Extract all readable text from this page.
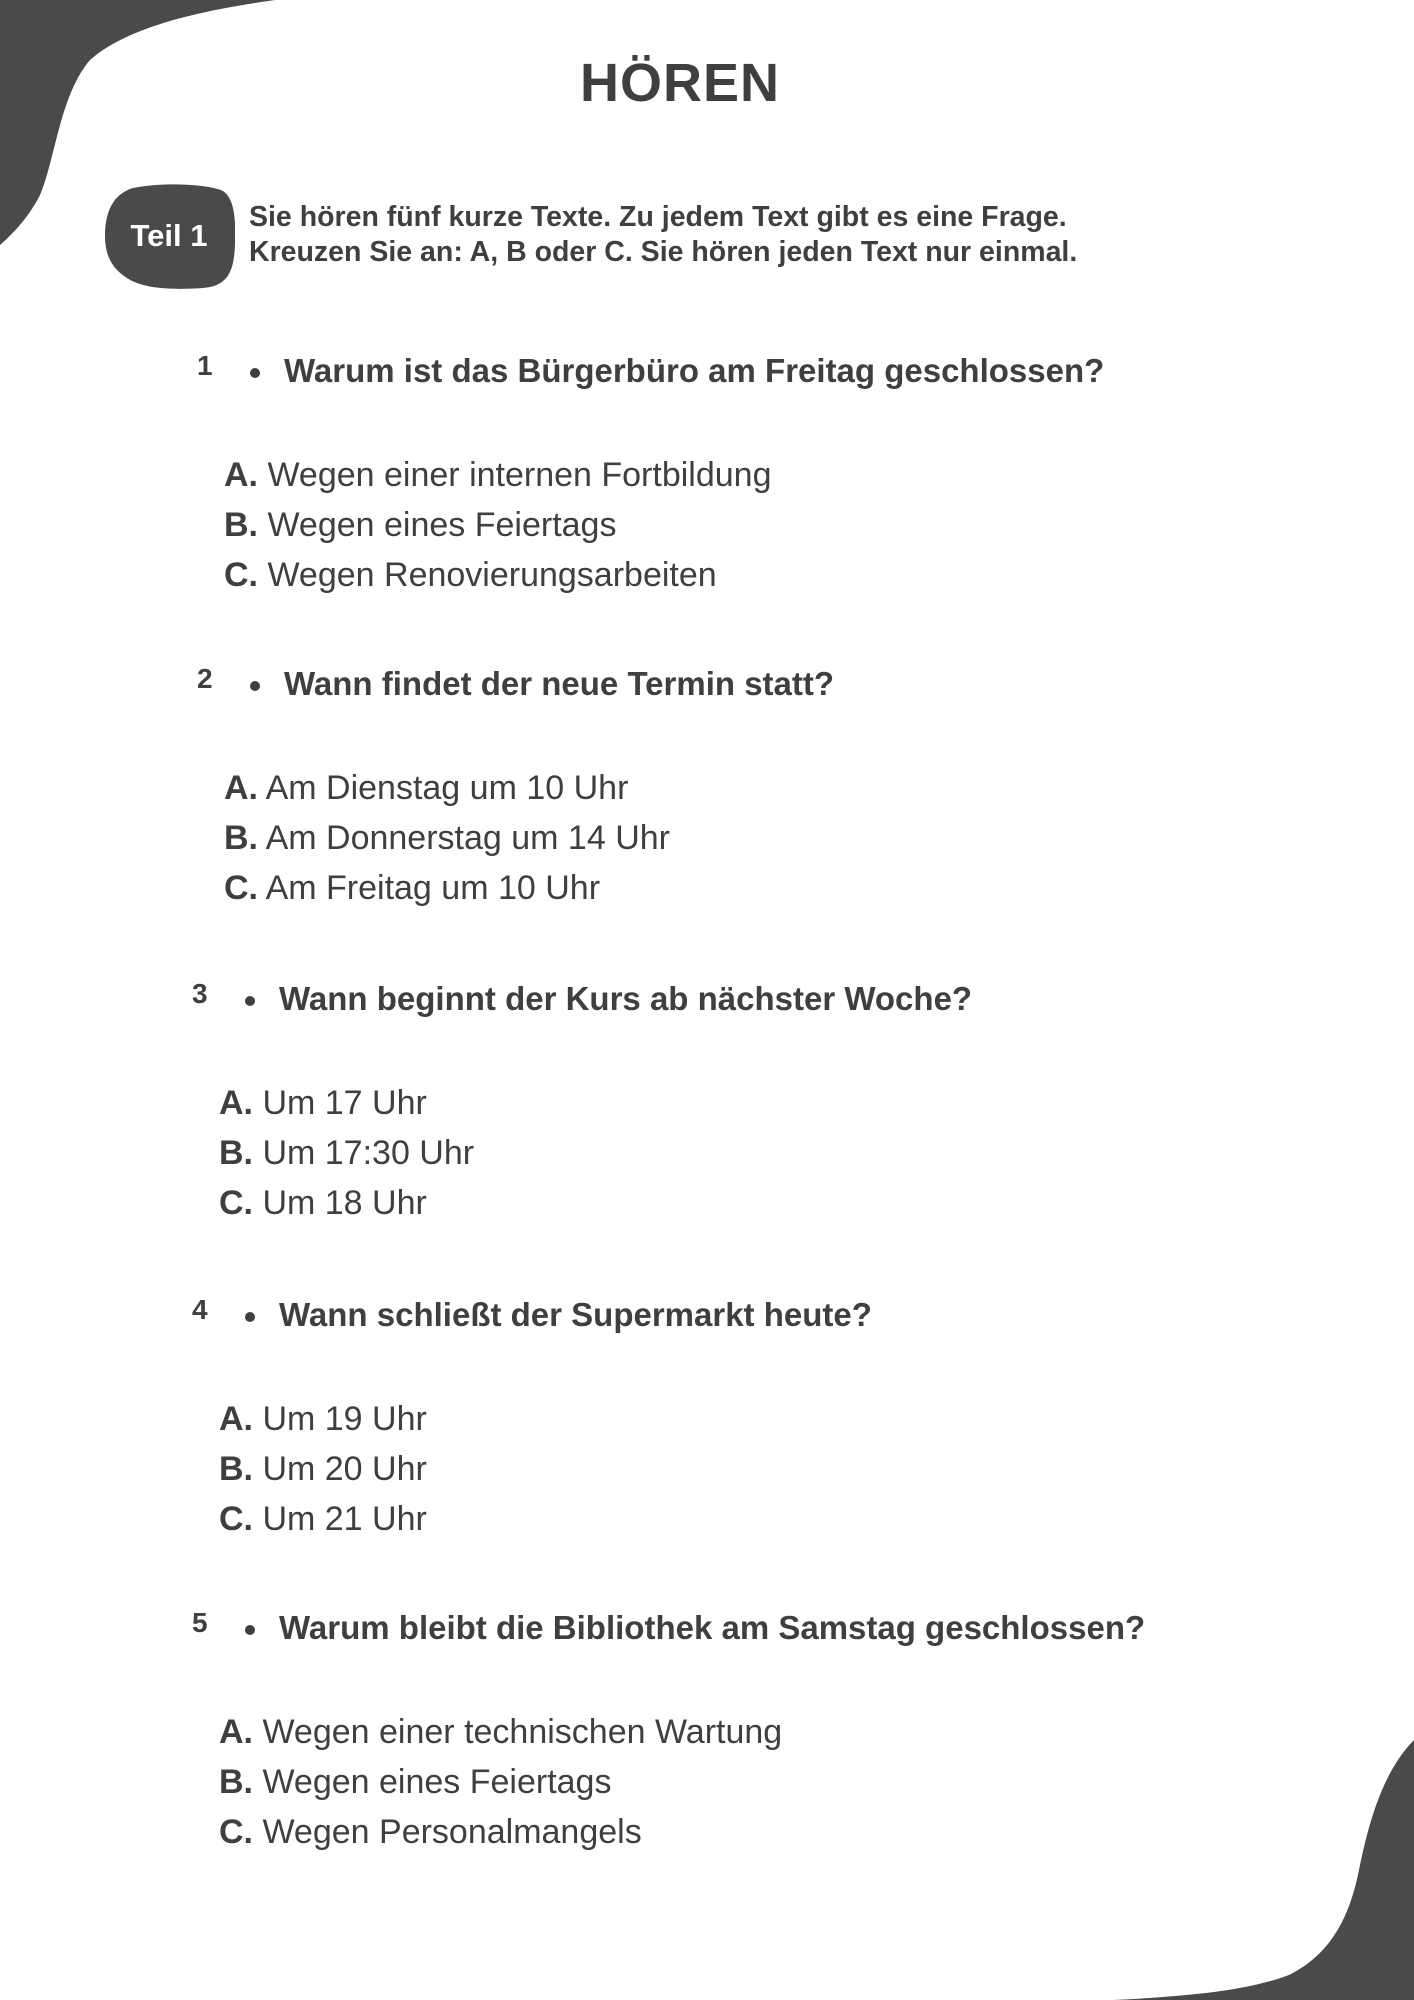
HÖREN
Teil 1
Sie hören fünf kurze Texte. Zu jedem Text gibt es eine Frage.
Kreuzen Sie an: A, B oder C. Sie hören jeden Text nur einmal.
1 Warum ist das Bürgerbüro am Freitag geschlossen?
A. Wegen einer internen Fortbildung
B. Wegen eines Feiertags
C. Wegen Renovierungsarbeiten
2 Wann findet der neue Termin statt?
A. Am Dienstag um 10 Uhr
B. Am Donnerstag um 14 Uhr
C. Am Freitag um 10 Uhr
3 Wann beginnt der Kurs ab nächster Woche?
A. Um 17 Uhr
B. Um 17:30 Uhr
C. Um 18 Uhr
4 Wann schließt der Supermarkt heute?
A. Um 19 Uhr
B. Um 20 Uhr
C. Um 21 Uhr
5 Warum bleibt die Bibliothek am Samstag geschlossen?
A. Wegen einer technischen Wartung
B. Wegen eines Feiertags
C. Wegen Personalmangels
